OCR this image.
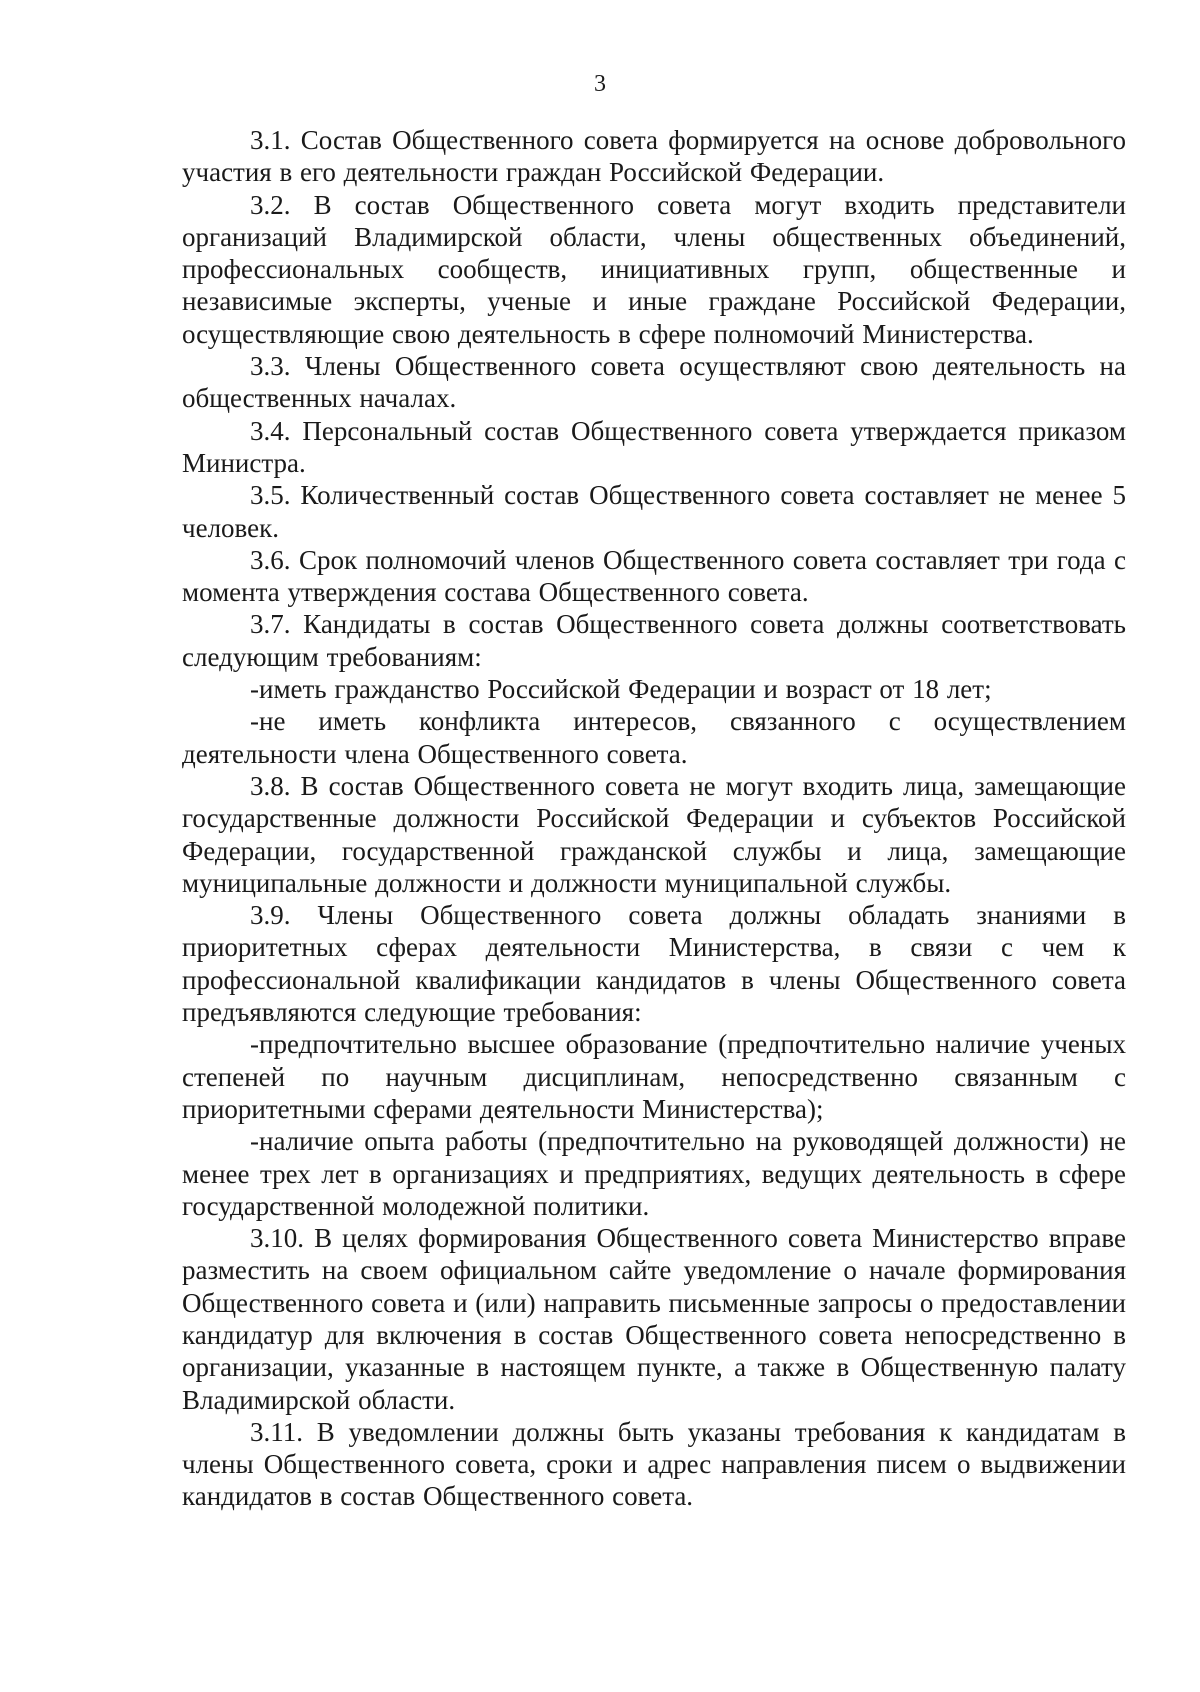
3

3.1. Состав Общественного совета формируется на основе добровольного участия в его деятельности граждан Российской Федерации.

3.2. В состав Общественного совета могут входить представители организаций Владимирской области, члены общественных объединений, профессиональных сообществ, инициативных групп, общественные и независимые эксперты, ученые и иные граждане Российской Федерации, осуществляющие свою деятельность в сфере полномочий Министерства.

3.3. Члены Общественного совета осуществляют свою деятельность на общественных началах.

3.4. Персональный состав Общественного совета утверждается приказом Министра.

3.5. Количественный состав Общественного совета составляет не менее 5 человек.

3.6. Срок полномочий членов Общественного совета составляет три года с момента утверждения состава Общественного совета.

3.7. Кандидаты в состав Общественного совета должны соответствовать следующим требованиям:

-иметь гражданство Российской Федерации и возраст от 18 лет;

-не иметь конфликта интересов, связанного с осуществлением деятельности члена Общественного совета.

3.8. В состав Общественного совета не могут входить лица, замещающие государственные должности Российской Федерации и субъектов Российской Федерации, государственной гражданской службы и лица, замещающие муниципальные должности и должности муниципальной службы.

3.9. Члены Общественного совета должны обладать знаниями в приоритетных сферах деятельности Министерства, в связи с чем к профессиональной квалификации кандидатов в члены Общественного совета предъявляются следующие требования:

-предпочтительно высшее образование (предпочтительно наличие ученых степеней по научным дисциплинам, непосредственно связанным с приоритетными сферами деятельности Министерства);

-наличие опыта работы (предпочтительно на руководящей должности) не менее трех лет в организациях и предприятиях, ведущих деятельность в сфере государственной молодежной политики.

3.10. В целях формирования Общественного совета Министерство вправе разместить на своем официальном сайте уведомление о начале формирования Общественного совета и (или) направить письменные запросы о предоставлении кандидатур для включения в состав Общественного совета непосредственно в организации, указанные в настоящем пункте, а также в Общественную палату Владимирской области.

3.11. В уведомлении должны быть указаны требования к кандидатам в члены Общественного совета, сроки и адрес направления писем о выдвижении кандидатов в состав Общественного совета.
